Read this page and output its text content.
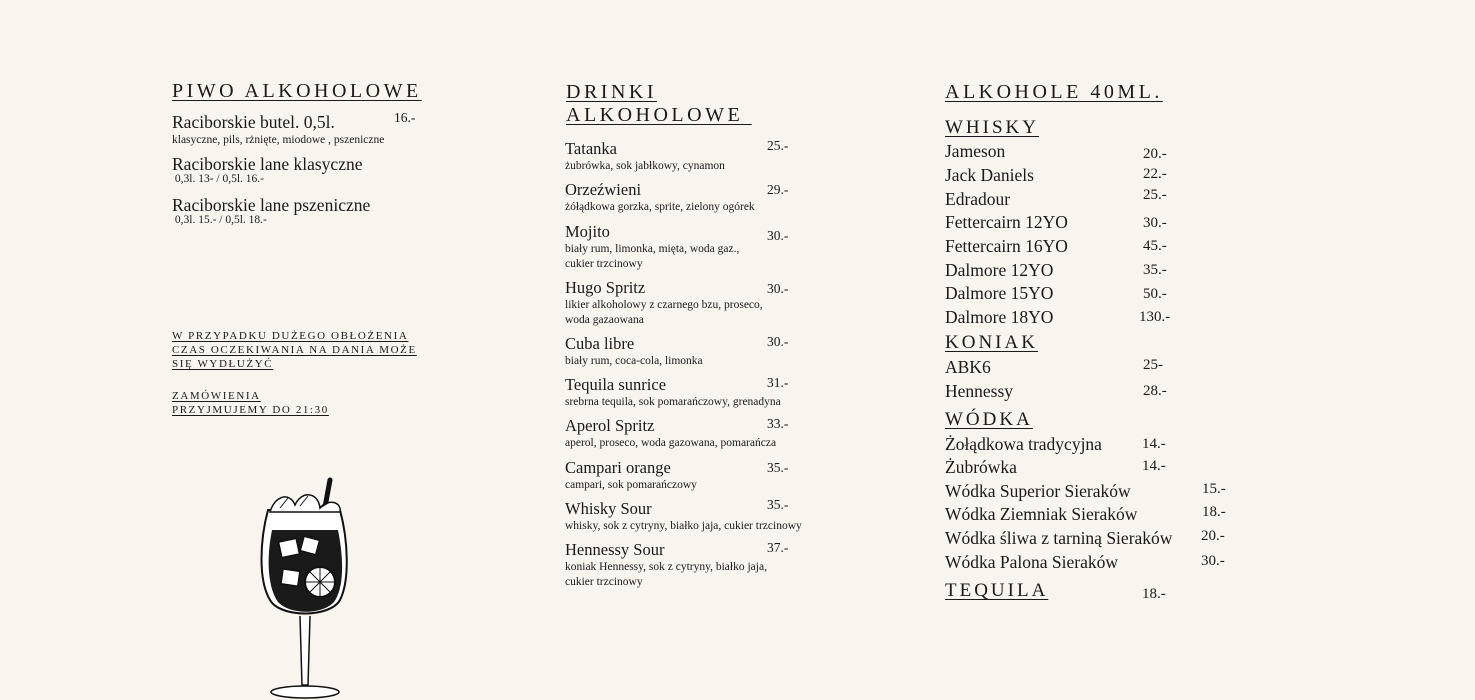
PIWO ALKOHOLOWE
Raciborskie butel. 0,5l.	16.-
klasyczne, pils, rżnięte, miodowe , pszeniczne
Raciborskie lane klasyczne
0,3l. 13- / 0,5l. 16.-
Raciborskie lane pszeniczne
0,3l. 15.- / 0,5l. 18.-
W PRZYPADKU DUŻEGO OBŁOŻENIA
CZAS OCZEKIWANIA NA DANIA MOŻE
SIĘ WYDŁUŻYĆ
ZAMÓWIENIA
PRZYJMUJEMY DO 21:30
DRINKI
ALKOHOLOWE
Tatanka	25.-
żubrówka, sok jabłkowy, cynamon
Orzeźwieni	29.-
żółądkowa gorzka, sprite, zielony ogórek
Mojito	30.-
biały rum, limonka, mięta, woda gaz.,
cukier trzcinowy
Hugo Spritz	30.-
likier alkoholowy z czarnego bzu, proseco,
woda gazaowana
Cuba libre	30.-
biały rum, coca-cola, limonka
Tequila sunrice	31.-
srebrna tequila, sok pomarańczowy, grenadyna
Aperol Spritz	33.-
aperol, proseco, woda gazowana, pomarańcza
Campari orange	35.-
campari, sok pomarańczowy
Whisky Sour	35.-
whisky, sok z cytryny, białko jaja, cukier trzcinowy
Hennessy Sour	37.-
koniak Hennessy, sok z cytryny, białko jaja,
cukier trzcinowy
ALKOHOLE 40ML.
WHISKY
KONIAK
WÓDKA
TEQUILA	18.-
Jameson	20.-
Jack Daniels	22.-
Edradour	25.-
Fettercairn 12YO	30.-
Fettercairn 16YO	45.-
Dalmore 12YO	35.-
Dalmore 15YO	50.-
Dalmore 18YO	130.-
ABK6	25-
Hennessy	28.-
Żołądkowa tradycyjna	14.-
Żubrówka	14.-
Wódka Superior Sieraków	15.-
Wódka Ziemniak Sieraków	18.-
Wódka śliwa z tarniną Sieraków 20.-
Wódka Palona Sieraków	30.-
